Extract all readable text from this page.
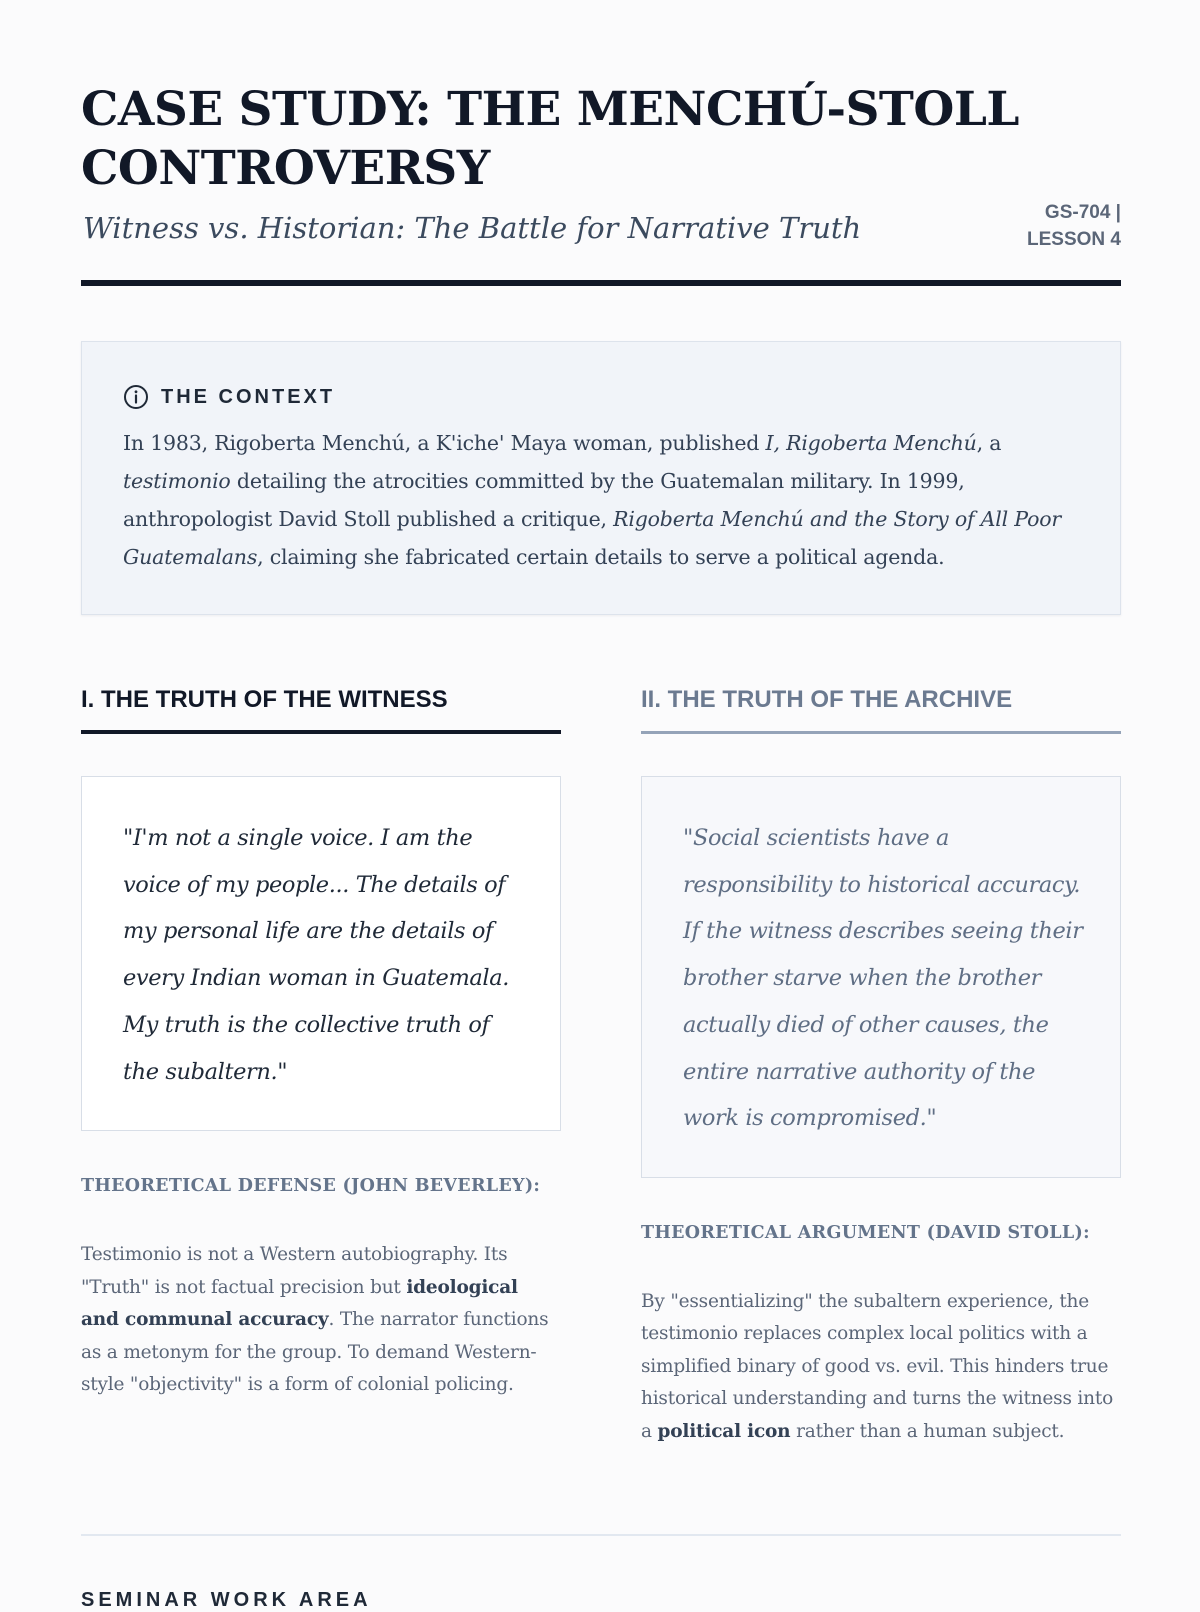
CASE STUDY: THE MENCHÚ-STOLL CONTROVERSY

Witness vs. Historian: The Battle for Narrative Truth	GS-704 | LESSON 4
THE CONTEXT

In 1983, Rigoberta Menchú, a K'iche' Maya woman, published I, Rigoberta Menchú, a testimonio detailing the atrocities committed by the Guatemalan military. In 1999, anthropologist David Stoll published a critique, Rigoberta Menchú and the Story of All Poor Guatemalans, claiming she fabricated certain details to serve a political agenda.

I. THE TRUTH OF THE WITNESS

"I'm not a single voice. I am the voice of my people... The details of my personal life are the details of every Indian woman in Guatemala. My truth is the collective truth of the subaltern."

THEORETICAL DEFENSE (JOHN BEVERLEY):

Testimonio is not a Western autobiography. Its "Truth" is not factual precision but ideological and communal accuracy. The narrator functions as a metonym for the group. To demand Western-style "objectivity" is a form of colonial policing.

II. THE TRUTH OF THE ARCHIVE

"Social scientists have a responsibility to historical accuracy. If the witness describes seeing their brother starve when the brother actually died of other causes, the entire narrative authority of the work is compromised."

THEORETICAL ARGUMENT (DAVID STOLL):

By "essentializing" the subaltern experience, the testimonio replaces complex local politics with a simplified binary of good vs. evil. This hinders true historical understanding and turns the witness into a political icon rather than a human subject.

SEMINAR WORK AREA
